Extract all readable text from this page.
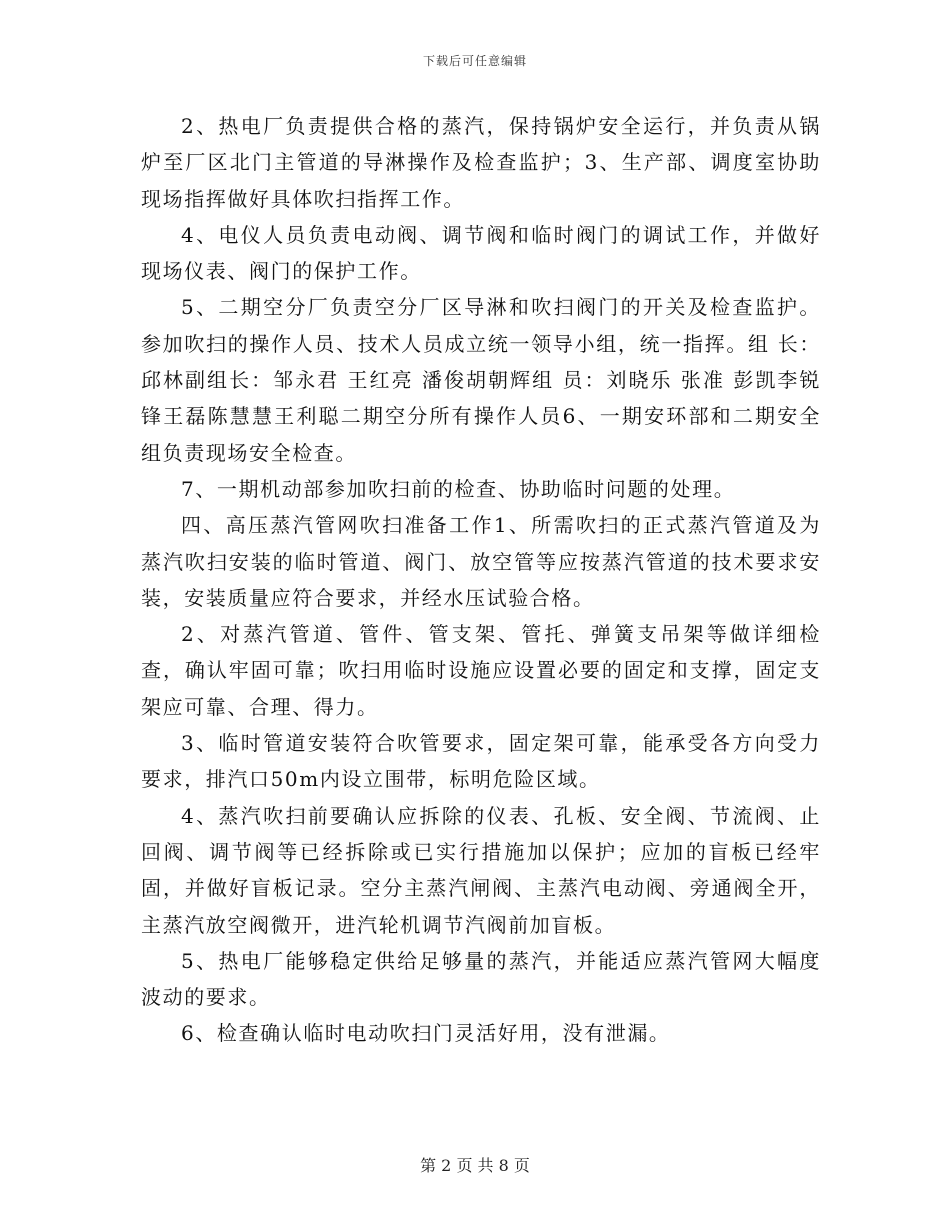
下载后可任意编辑

2、热电厂负责提供合格的蒸汽，保持锅炉安全运行，并负责从锅炉至厂区北门主管道的导淋操作及检查监护；3、生产部、调度室协助现场指挥做好具体吹扫指挥工作。

4、电仪人员负责电动阀、调节阀和临时阀门的调试工作，并做好现场仪表、阀门的保护工作。

5、二期空分厂负责空分厂区导淋和吹扫阀门的开关及检查监护。参加吹扫的操作人员、技术人员成立统一领导小组，统一指挥。组 长：邱林副组长：邹永君 王红亮 潘俊胡朝辉组 员：刘晓乐 张准 彭凯李锐锋王磊陈慧慧王利聪二期空分所有操作人员6、一期安环部和二期安全组负责现场安全检查。

7、一期机动部参加吹扫前的检查、协助临时问题的处理。

四、高压蒸汽管网吹扫准备工作1、所需吹扫的正式蒸汽管道及为蒸汽吹扫安装的临时管道、阀门、放空管等应按蒸汽管道的技术要求安装，安装质量应符合要求，并经水压试验合格。

2、对蒸汽管道、管件、管支架、管托、弹簧支吊架等做详细检查，确认牢固可靠；吹扫用临时设施应设置必要的固定和支撑，固定支架应可靠、合理、得力。

3、临时管道安装符合吹管要求，固定架可靠，能承受各方向受力要求，排汽口50m内设立围带，标明危险区域。

4、蒸汽吹扫前要确认应拆除的仪表、孔板、安全阀、节流阀、止回阀、调节阀等已经拆除或已实行措施加以保护；应加的盲板已经牢固，并做好盲板记录。空分主蒸汽闸阀、主蒸汽电动阀、旁通阀全开，主蒸汽放空阀微开，进汽轮机调节汽阀前加盲板。

5、热电厂能够稳定供给足够量的蒸汽，并能适应蒸汽管网大幅度波动的要求。

6、检查确认临时电动吹扫门灵活好用，没有泄漏。

第 2 页 共 8 页
